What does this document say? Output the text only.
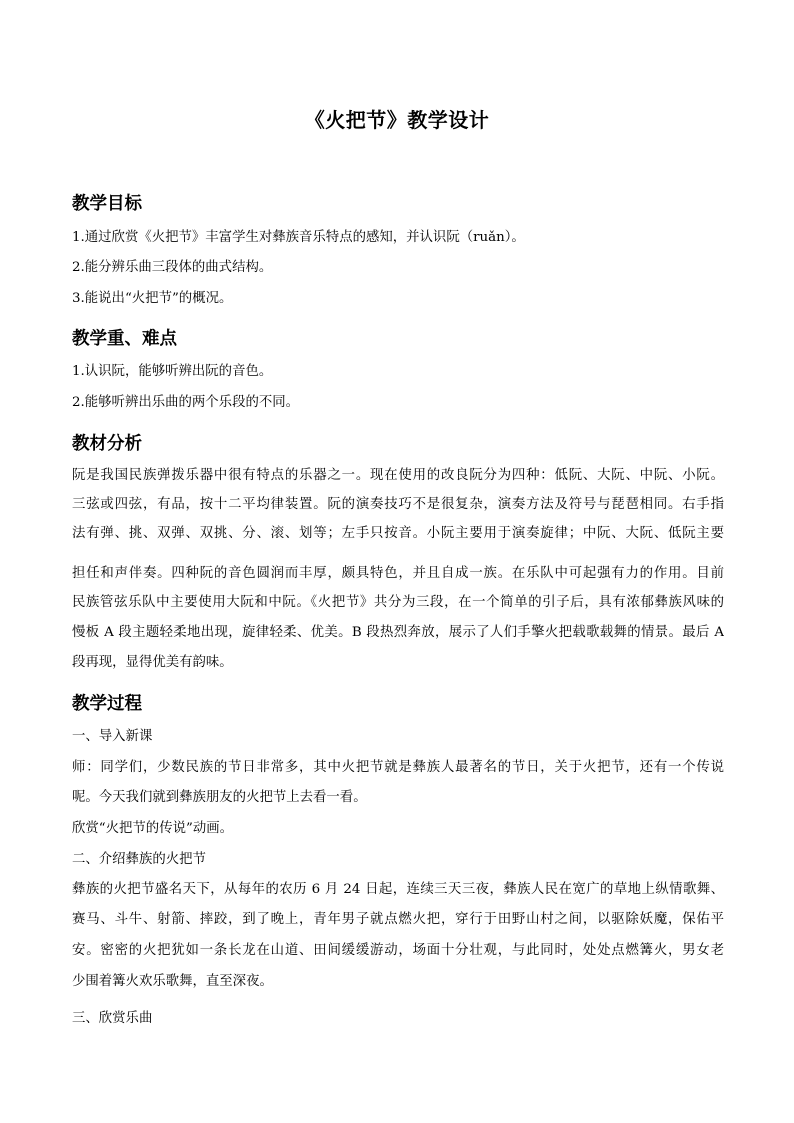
《火把节》教学设计
教学目标
1.通过欣赏《火把节》丰富学生对彝族音乐特点的感知，并认识阮（ruǎn）。
2.能分辨乐曲三段体的曲式结构。
3.能说出“火把节”的概况。
教学重、难点
1.认识阮，能够听辨出阮的音色。
2.能够听辨出乐曲的两个乐段的不同。
教材分析
阮是我国民族弹拨乐器中很有特点的乐器之一。现在使用的改良阮分为四种：低阮、大阮、中阮、小阮。
三弦或四弦，有品，按十二平均律装置。阮的演奏技巧不是很复杂，演奏方法及符号与琵琶相同。右手指
法有弹、挑、双弹、双挑、分、滚、划等；左手只按音。小阮主要用于演奏旋律；中阮、大阮、低阮主要
担任和声伴奏。四种阮的音色圆润而丰厚，颇具特色，并且自成一族。在乐队中可起强有力的作用。目前
民族管弦乐队中主要使用大阮和中阮。《火把节》共分为三段，在一个简单的引子后，具有浓郁彝族风味的
慢板 A 段主题轻柔地出现，旋律轻柔、优美。B 段热烈奔放，展示了人们手擎火把载歌载舞的情景。最后 A
段再现，显得优美有韵味。
教学过程
一、导入新课
师：同学们，少数民族的节日非常多，其中火把节就是彝族人最著名的节日，关于火把节，还有一个传说
呢。今天我们就到彝族朋友的火把节上去看一看。
欣赏“火把节的传说”动画。
二、介绍彝族的火把节
彝族的火把节盛名天下，从每年的农历 6 月 24 日起，连续三天三夜，彝族人民在宽广的草地上纵情歌舞、
赛马、斗牛、射箭、摔跤，到了晚上，青年男子就点燃火把，穿行于田野山村之间，以驱除妖魔，保佑平
安。密密的火把犹如一条长龙在山道、田间缓缓游动，场面十分壮观，与此同时，处处点燃篝火，男女老
少围着篝火欢乐歌舞，直至深夜。
三、欣赏乐曲
